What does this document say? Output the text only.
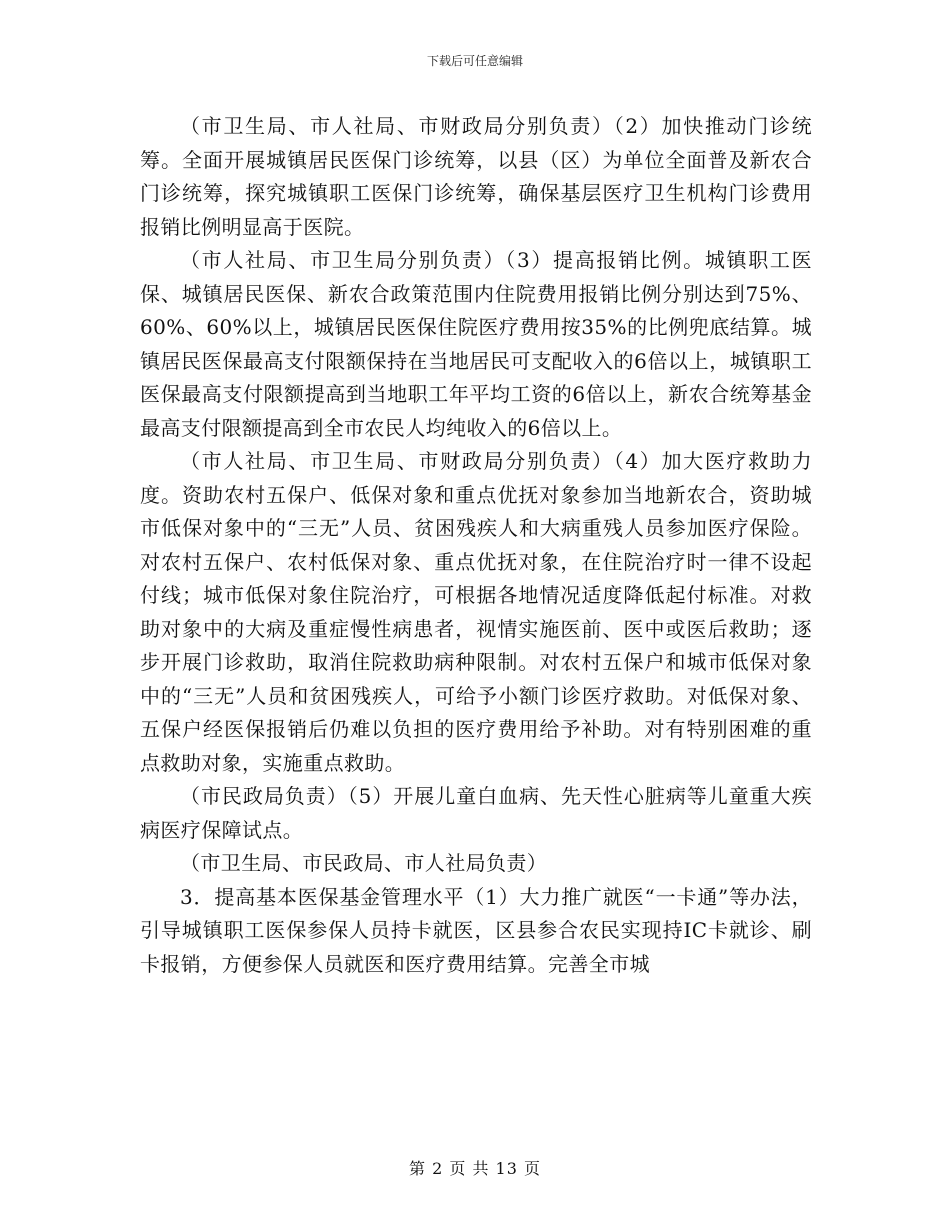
下载后可任意编辑

（市卫生局、市人社局、市财政局分别负责）（2）加快推动门诊统筹。全面开展城镇居民医保门诊统筹，以县（区）为单位全面普及新农合门诊统筹，探究城镇职工医保门诊统筹，确保基层医疗卫生机构门诊费用报销比例明显高于医院。

（市人社局、市卫生局分别负责）（3）提高报销比例。城镇职工医保、城镇居民医保、新农合政策范围内住院费用报销比例分别达到75%、60%、60%以上，城镇居民医保住院医疗费用按35%的比例兜底结算。城镇居民医保最高支付限额保持在当地居民可支配收入的6倍以上，城镇职工医保最高支付限额提高到当地职工年平均工资的6倍以上，新农合统筹基金最高支付限额提高到全市农民人均纯收入的6倍以上。

（市人社局、市卫生局、市财政局分别负责）（4）加大医疗救助力度。资助农村五保户、低保对象和重点优抚对象参加当地新农合，资助城市低保对象中的“三无”人员、贫困残疾人和大病重残人员参加医疗保险。对农村五保户、农村低保对象、重点优抚对象，在住院治疗时一律不设起付线；城市低保对象住院治疗，可根据各地情况适度降低起付标准。对救助对象中的大病及重症慢性病患者，视情实施医前、医中或医后救助；逐步开展门诊救助，取消住院救助病种限制。对农村五保户和城市低保对象中的“三无”人员和贫困残疾人，可给予小额门诊医疗救助。对低保对象、五保户经医保报销后仍难以负担的医疗费用给予补助。对有特别困难的重点救助对象，实施重点救助。

（市民政局负责）（5）开展儿童白血病、先天性心脏病等儿童重大疾病医疗保障试点。

（市卫生局、市民政局、市人社局负责）

3．提高基本医保基金管理水平（1）大力推广就医“一卡通”等办法，引导城镇职工医保参保人员持卡就医，区县参合农民实现持IC卡就诊、刷卡报销，方便参保人员就医和医疗费用结算。完善全市城

第 2 页 共 13 页
